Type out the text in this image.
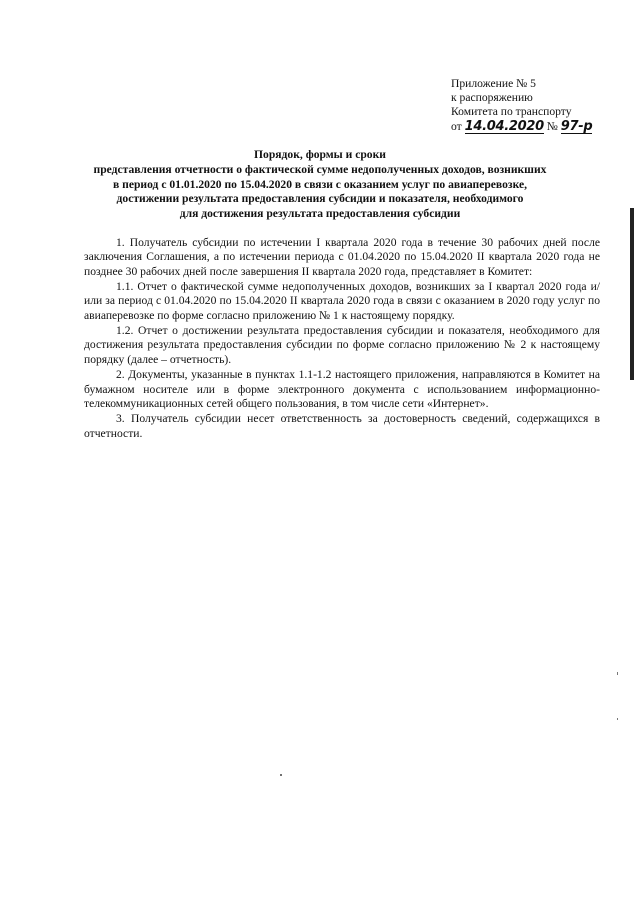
Приложение № 5
к распоряжению
Комитета по транспорту
от 14.04.2020 № 97-р
Порядок, формы и сроки
представления отчетности о фактической сумме недополученных доходов, возникших
в период с 01.01.2020 по 15.04.2020 в связи с оказанием услуг по авиаперевозке,
достижении результата предоставления субсидии и показателя, необходимого
для достижения результата предоставления субсидии

1. Получатель субсидии по истечении I квартала 2020 года в течение 30 рабочих дней после заключения Соглашения, а по истечении периода с 01.04.2020 по 15.04.2020 II квартала 2020 года не позднее 30 рабочих дней после завершения II квартала 2020 года, представляет в Комитет:

1.1. Отчет о фактической сумме недополученных доходов, возникших за I квартал 2020 года и/или за период с 01.04.2020 по 15.04.2020 II квартала 2020 года в связи с оказанием в 2020 году услуг по авиаперевозке по форме согласно приложению № 1 к настоящему порядку.

1.2. Отчет о достижении результата предоставления субсидии и показателя, необходимого для достижения результата предоставления субсидии по форме согласно приложению № 2 к настоящему порядку (далее – отчетность).

2. Документы, указанные в пунктах 1.1-1.2 настоящего приложения, направляются в Комитет на бумажном носителе или в форме электронного документа с использованием информационно-телекоммуникационных сетей общего пользования, в том числе сети «Интернет».

3. Получатель субсидии несет ответственность за достоверность сведений, содержащихся в отчетности.
